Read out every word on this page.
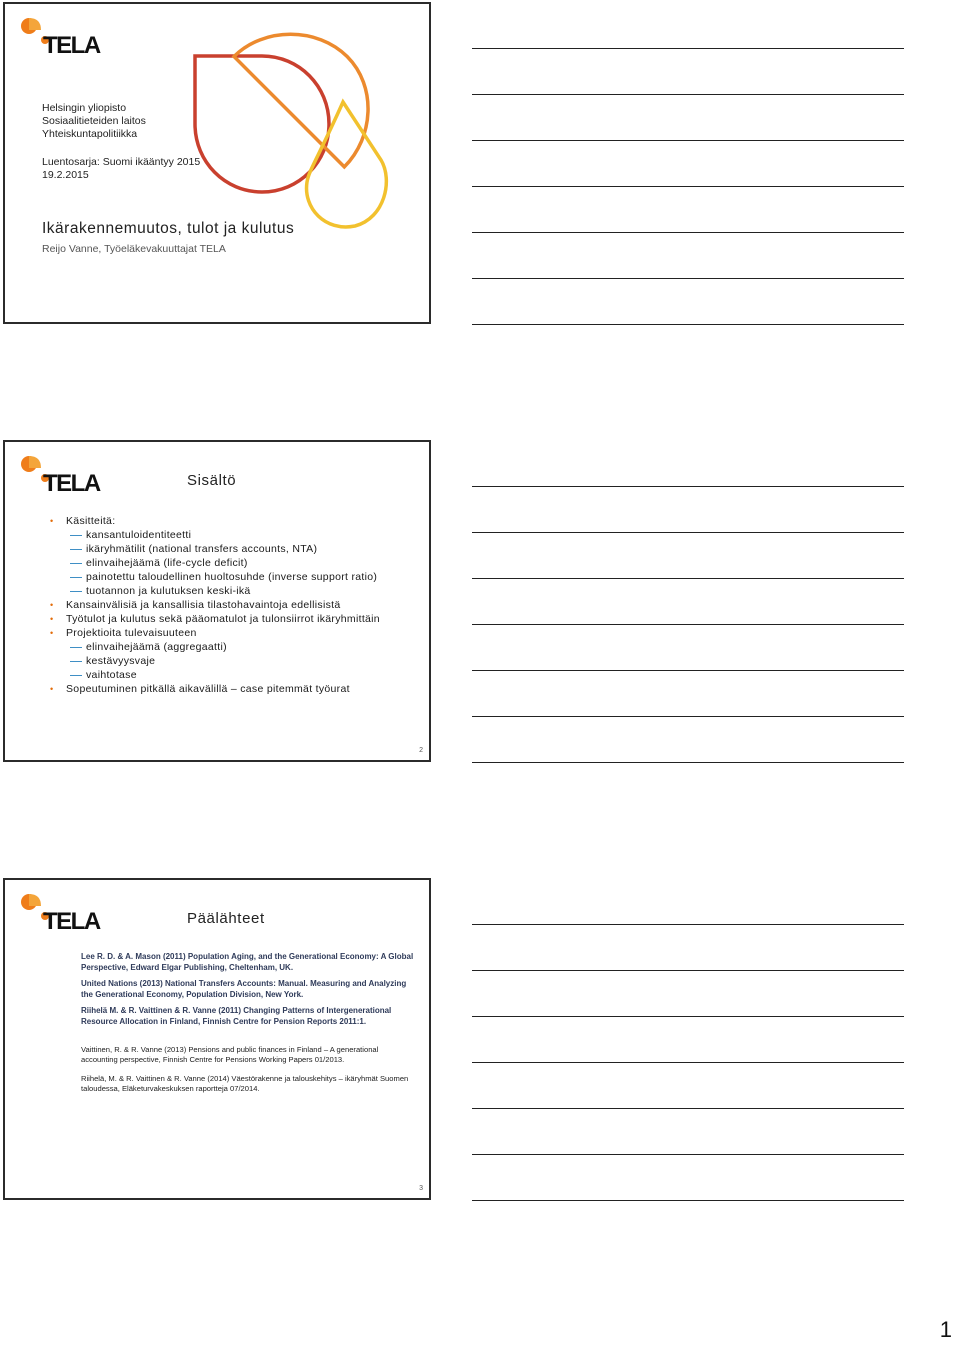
TELA
Helsingin yliopisto
Sosiaalitieteiden laitos
Yhteiskuntapolitiikka
Luentosarja: Suomi ikääntyy 2015
19.2.2015
Ikärakennemuutos, tulot ja kulutus
Reijo Vanne, Työeläkevakuuttajat TELA
TELA	Sisältö
• Käsitteitä:
kansantuloidentiteetti
ikäryhmätilit (national transfers accounts, NTA)
elinvaihejäämä (life-cycle deficit)
painotettu taloudellinen huoltosuhde (inverse support ratio)
tuotannon ja kulutuksen keski-ikä
• Kansainvälisiä ja kansallisia tilastohavaintoja edellisistä
• Työtulot ja kulutus sekä pääomatulot ja tulonsiirrot ikäryhmittäin
• Projektioita tulevaisuuteen
elinvaihejäämä (aggregaatti)
kestävyysvaje
vaihtotase
• Sopeutuminen pitkällä aikavälillä – case pitemmät työurat
2
TELA	Päälähteet
Lee R. D. & A. Mason (2011) Population Aging, and the Generational Economy: A Global Perspective, Edward Elgar Publishing, Cheltenham, UK.
United Nations (2013) National Transfers Accounts: Manual. Measuring and Analyzing the Generational Economy, Population Division, New York.
Riihelä M. & R. Vaittinen & R. Vanne (2011) Changing Patterns of Intergenerational Resource Allocation in Finland, Finnish Centre for Pension Reports 2011:1.
Vaittinen, R. & R. Vanne (2013) Pensions and public finances in Finland – A generational accounting perspective, Finnish Centre for Pensions Working Papers 01/2013.
Riihelä, M. & R. Vaittinen & R. Vanne (2014) Väestörakenne ja talouskehitys – ikäryhmät Suomen taloudessa, Eläketurvakeskuksen raportteja 07/2014.
3
1
